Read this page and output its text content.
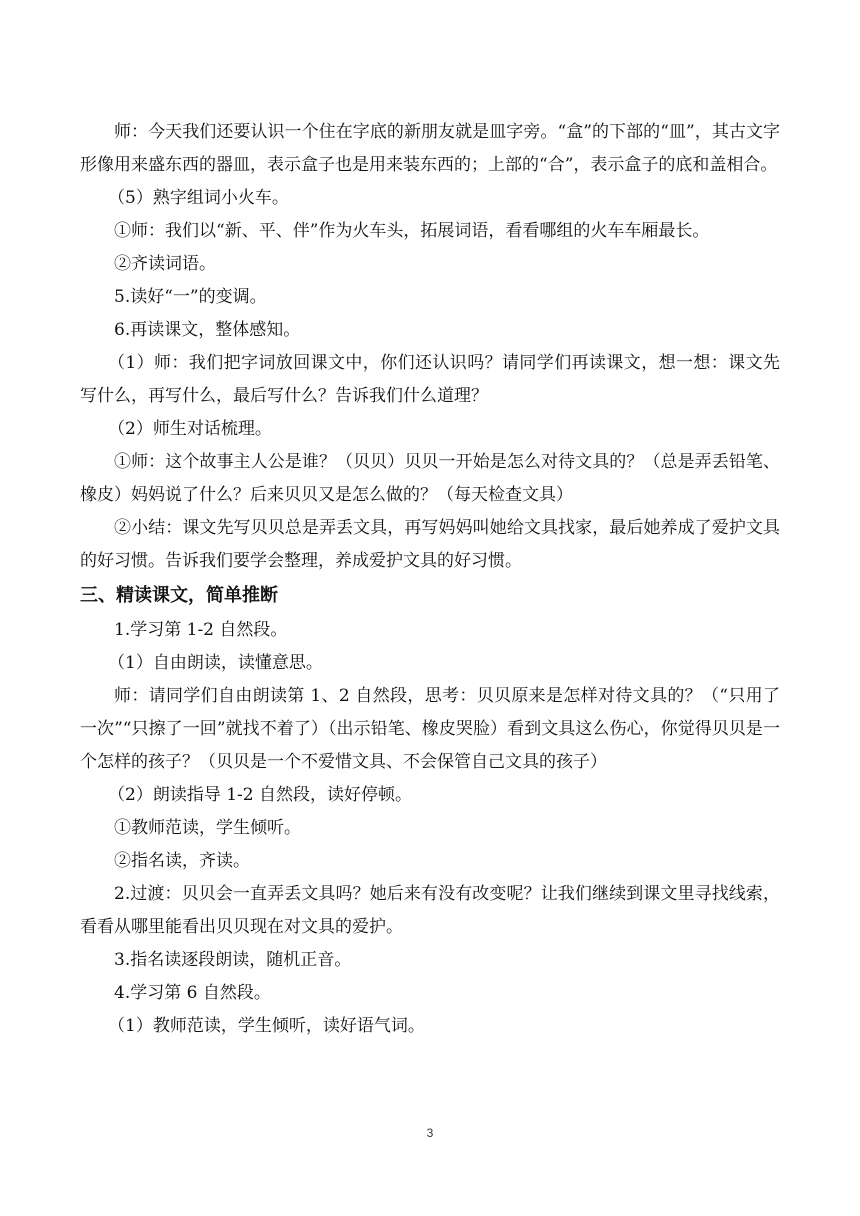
师：今天我们还要认识一个住在字底的新朋友就是皿字旁。“盒”的下部的“皿”，其古文字形像用来盛东西的器皿，表示盒子也是用来装东西的；上部的“合”，表示盒子的底和盖相合。

（5）熟字组词小火车。

①师：我们以“新、平、伴”作为火车头，拓展词语，看看哪组的火车车厢最长。

②齐读词语。

5.读好“一”的变调。

6.再读课文，整体感知。

（1）师：我们把字词放回课文中，你们还认识吗？请同学们再读课文，想一想：课文先写什么，再写什么，最后写什么？告诉我们什么道理？

（2）师生对话梳理。

①师：这个故事主人公是谁？（贝贝）贝贝一开始是怎么对待文具的？（总是弄丢铅笔、橡皮）妈妈说了什么？后来贝贝又是怎么做的？（每天检查文具）

②小结：课文先写贝贝总是弄丢文具，再写妈妈叫她给文具找家，最后她养成了爱护文具的好习惯。告诉我们要学会整理，养成爱护文具的好习惯。

三、精读课文，简单推断

1.学习第 1-2 自然段。

（1）自由朗读，读懂意思。

师：请同学们自由朗读第 1、2 自然段，思考：贝贝原来是怎样对待文具的？（“只用了一次”“只擦了一回”就找不着了）（出示铅笔、橡皮哭脸）看到文具这么伤心，你觉得贝贝是一个怎样的孩子？（贝贝是一个不爱惜文具、不会保管自己文具的孩子）

（2）朗读指导 1-2 自然段，读好停顿。

①教师范读，学生倾听。

②指名读，齐读。

2.过渡：贝贝会一直弄丢文具吗？她后来有没有改变呢？让我们继续到课文里寻找线索，看看从哪里能看出贝贝现在对文具的爱护。

3.指名读逐段朗读，随机正音。

4.学习第 6 自然段。

（1）教师范读，学生倾听，读好语气词。

3
